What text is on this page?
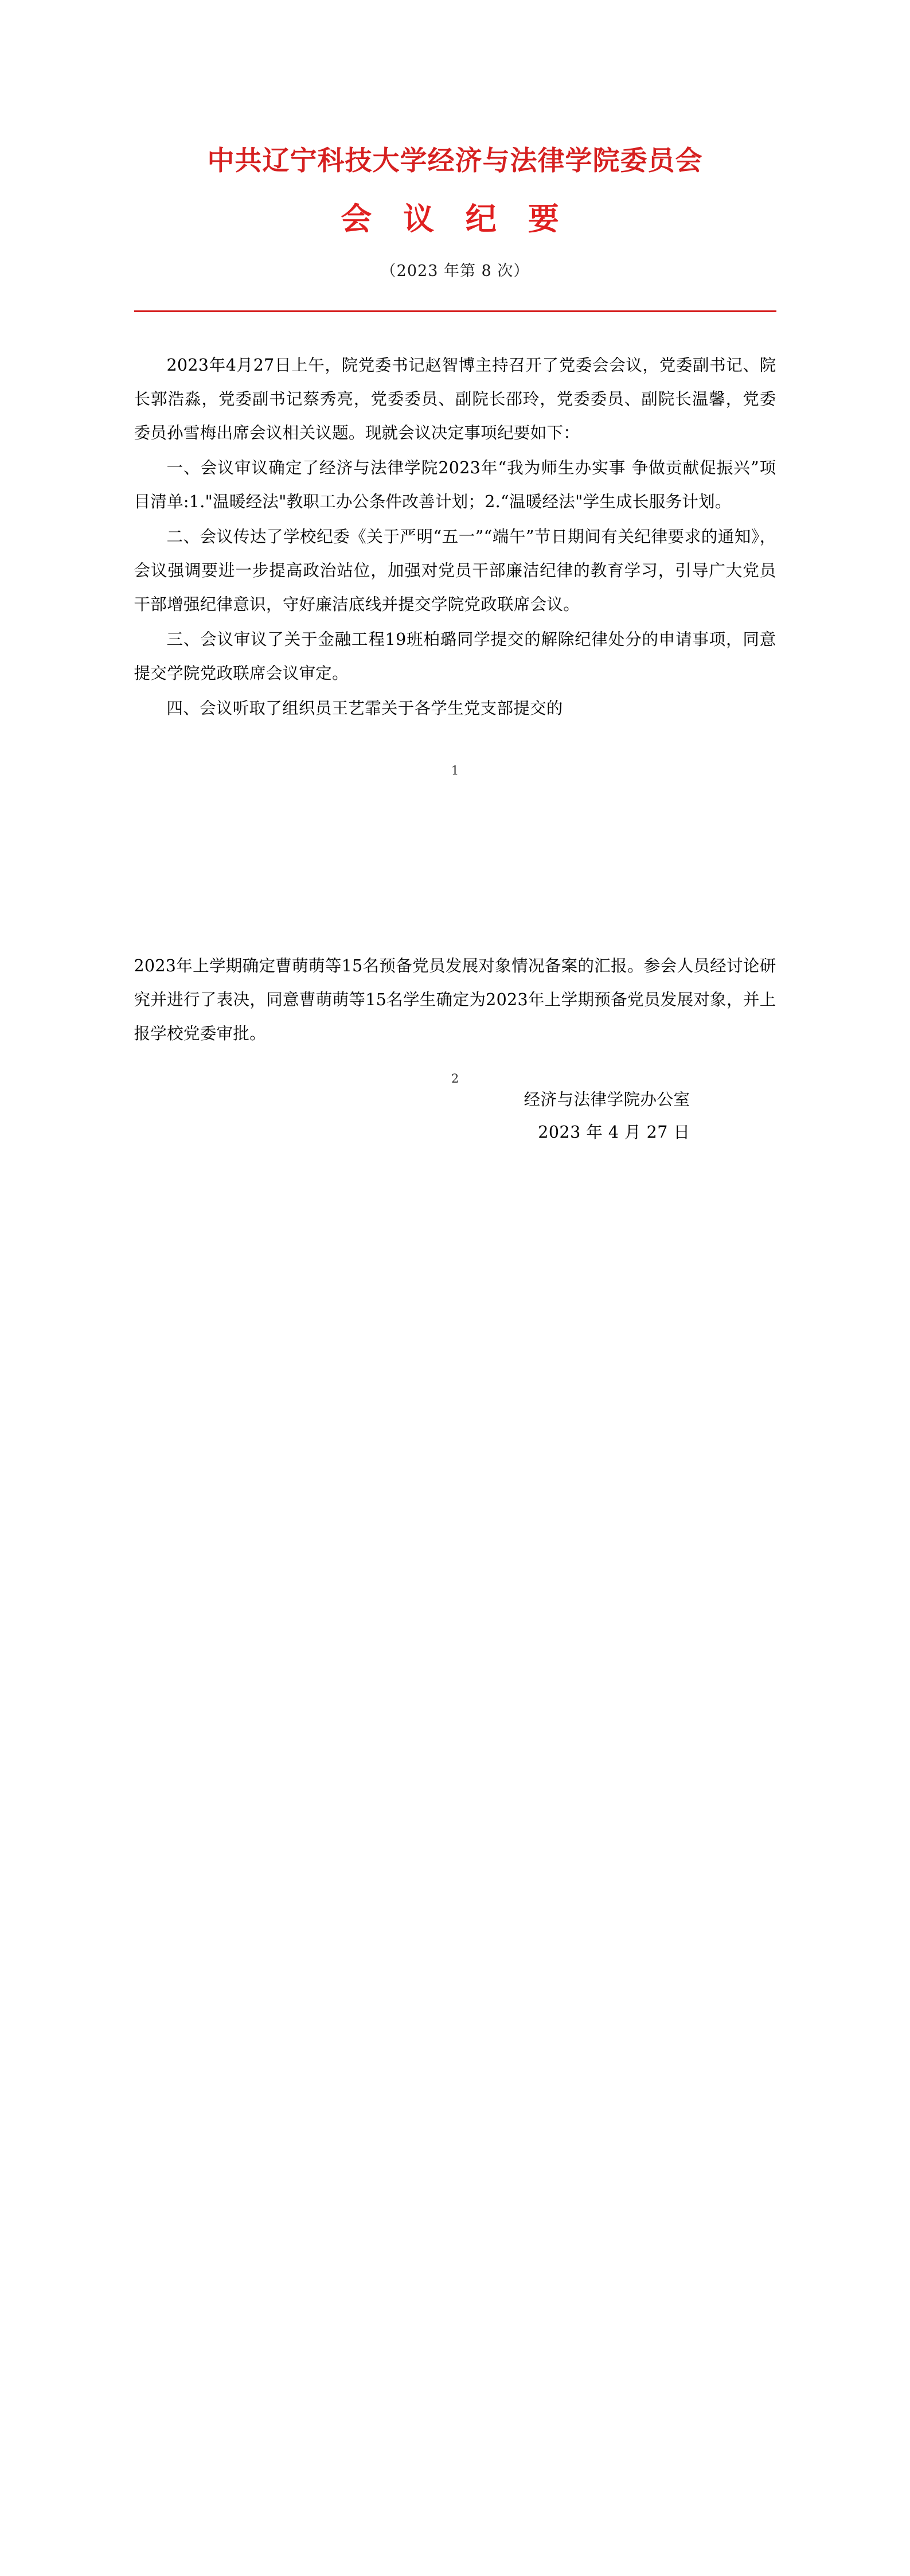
中共辽宁科技大学经济与法律学院委员会
会 议 纪 要
（2023 年第 8 次）

2023年4月27日上午，院党委书记赵智博主持召开了党委会会议，党委副书记、院长郭浩淼，党委副书记蔡秀亮，党委委员、副院长邵玲，党委委员、副院长温馨，党委委员孙雪梅出席会议相关议题。现就会议决定事项纪要如下：

一、会议审议确定了经济与法律学院2023年“我为师生办实事 争做贡献促振兴”项目清单:1."温暖经法"教职工办公条件改善计划；2.“温暖经法"学生成长服务计划。

二、会议传达了学校纪委《关于严明“五一”“端午”节日期间有关纪律要求的通知》，会议强调要进一步提高政治站位，加强对党员干部廉洁纪律的教育学习，引导广大党员干部增强纪律意识，守好廉洁底线并提交学院党政联席会议。

三、会议审议了关于金融工程19班柏璐同学提交的解除纪律处分的申请事项，同意提交学院党政联席会议审定。

四、会议听取了组织员王艺霏关于各学生党支部提交的

1

2023年上学期确定曹萌萌等15名预备党员发展对象情况备案的汇报。参会人员经讨论研究并进行了表决，同意曹萌萌等15名学生确定为2023年上学期预备党员发展对象，并上报学校党委审批。

经济与法律学院办公室
2023 年 4 月 27 日
2
